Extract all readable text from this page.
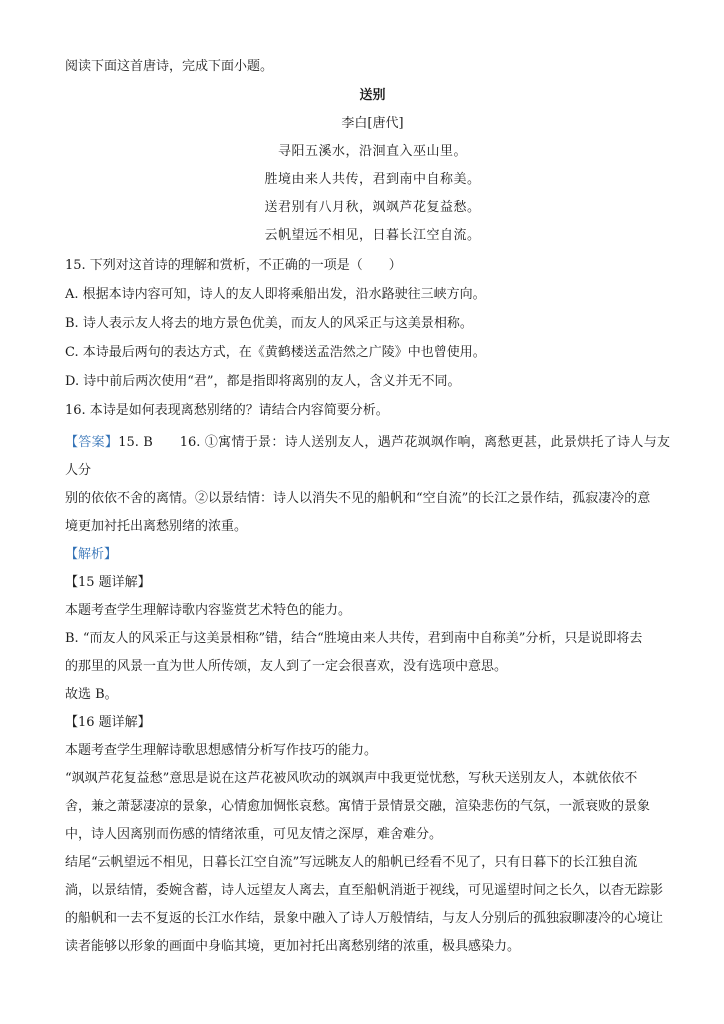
阅读下面这首唐诗，完成下面小题。
送别
李白[唐代]
寻阳五溪水，沿洄直入巫山里。
胜境由来人共传，君到南中自称美。
送君别有八月秋，飒飒芦花复益愁。
云帆望远不相见，日暮长江空自流。
15. 下列对这首诗的理解和赏析，不正确的一项是（　　）
A. 根据本诗内容可知，诗人的友人即将乘船出发，沿水路驶往三峡方向。
B. 诗人表示友人将去的地方景色优美，而友人的风采正与这美景相称。
C. 本诗最后两句的表达方式，在《黄鹤楼送孟浩然之广陵》中也曾使用。
D. 诗中前后两次使用“君”，都是指即将离别的友人，含义并无不同。
16. 本诗是如何表现离愁别绪的？请结合内容简要分析。
【答案】15. B　　16. ①寓情于景：诗人送别友人，遇芦花飒飒作响，离愁更甚，此景烘托了诗人与友人分
别的依依不舍的离情。②以景结情：诗人以消失不见的船帆和“空自流”的长江之景作结，孤寂凄冷的意
境更加衬托出离愁别绪的浓重。
【解析】
【15 题详解】
本题考查学生理解诗歌内容鉴赏艺术特色的能力。
B. “而友人的风采正与这美景相称”错，结合“胜境由来人共传，君到南中自称美”分析，只是说即将去
的那里的风景一直为世人所传颂，友人到了一定会很喜欢，没有选项中意思。
故选 B。
【16 题详解】
本题考查学生理解诗歌思想感情分析写作技巧的能力。
“飒飒芦花复益愁”意思是说在这芦花被风吹动的飒飒声中我更觉忧愁，写秋天送别友人，本就依依不
舍，兼之萧瑟凄凉的景象，心情愈加惆怅哀愁。寓情于景情景交融，渲染悲伤的气氛，一派衰败的景象
中，诗人因离别而伤感的情绪浓重，可见友情之深厚，难舍难分。
结尾“云帆望远不相见，日暮长江空自流”写远眺友人的船帆已经看不见了，只有日暮下的长江独自流
淌，以景结情，委婉含蓄，诗人远望友人离去，直至船帆消逝于视线，可见遥望时间之长久，以杳无踪影
的船帆和一去不复返的长江水作结，景象中融入了诗人万般情结，与友人分别后的孤独寂聊凄冷的心境让
读者能够以形象的画面中身临其境，更加衬托出离愁别绪的浓重，极具感染力。
